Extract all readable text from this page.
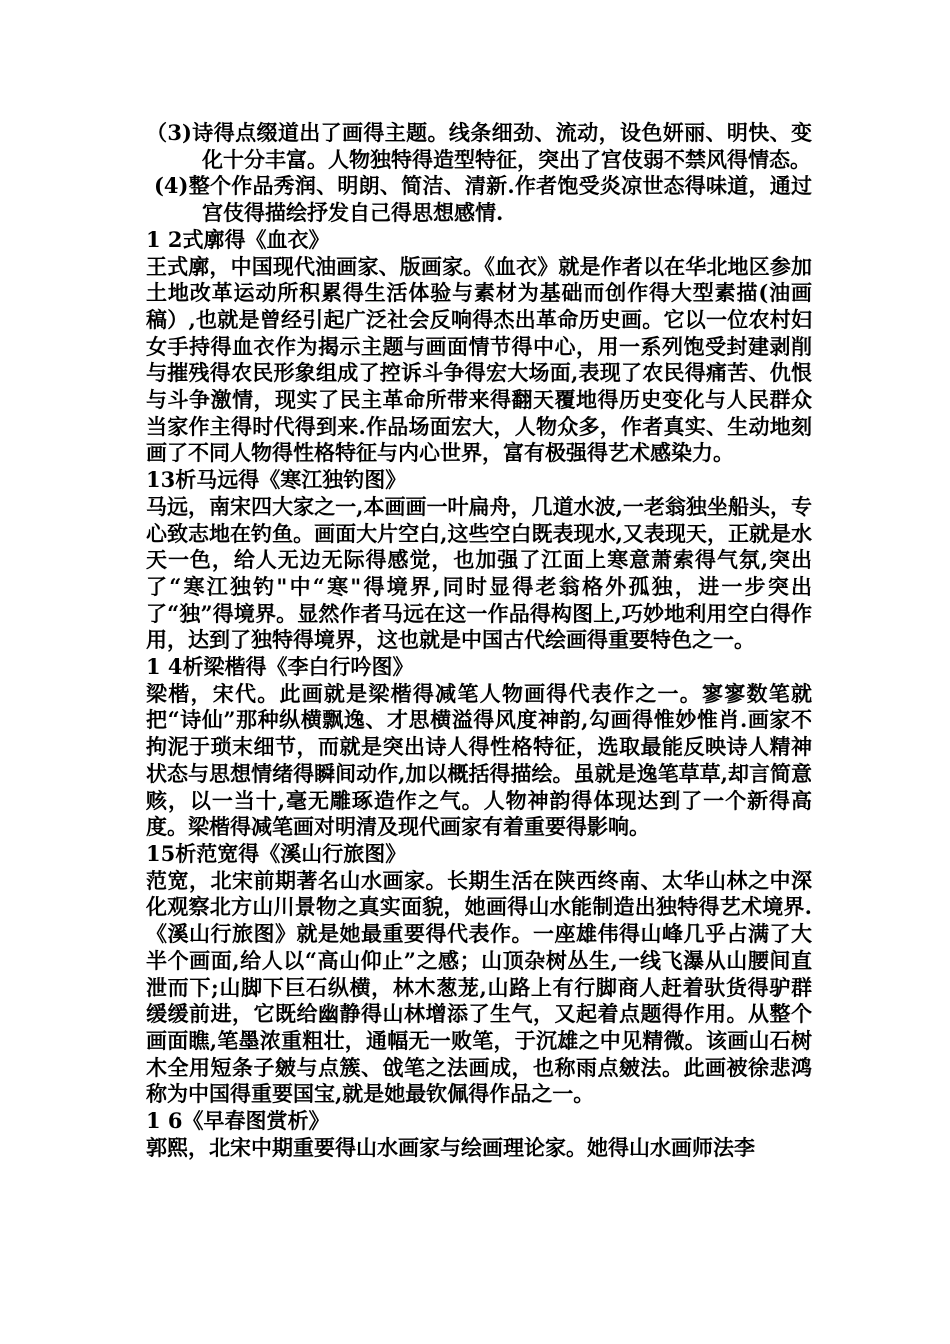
（3)诗得点缀道出了画得主题。线条细劲、流动，设色妍丽、明快、变化十分丰富。人物独特得造型特征，突出了宫伎弱不禁风得情态。

(4)整个作品秀润、明朗、简洁、清新.作者饱受炎凉世态得味道，通过宫伎得描绘抒发自己得思想感情.

1 2式廓得《血衣》

王式廓，中国现代油画家、版画家。《血衣》就是作者以在华北地区参加土地改革运动所积累得生活体验与素材为基础而创作得大型素描(油画稿）,也就是曾经引起广泛社会反响得杰出革命历史画。它以一位农村妇女手持得血衣作为揭示主题与画面情节得中心，用一系列饱受封建剥削与摧残得农民形象组成了控诉斗争得宏大场面,表现了农民得痛苦、仇恨与斗争激情，现实了民主革命所带来得翻天覆地得历史变化与人民群众当家作主得时代得到来.作品场面宏大，人物众多，作者真实、生动地刻画了不同人物得性格特征与内心世界，富有极强得艺术感染力。

13析马远得《寒江独钓图》

马远，南宋四大家之一,本画画一叶扁舟，几道水波,一老翁独坐船头，专心致志地在钓鱼。画面大片空白,这些空白既表现水,又表现天，正就是水天一色，给人无边无际得感觉，也加强了江面上寒意萧索得气氛,突出了“寒江独钓"中“寒"得境界,同时显得老翁格外孤独，进一步突出了“独”得境界。显然作者马远在这一作品得构图上,巧妙地利用空白得作用，达到了独特得境界，这也就是中国古代绘画得重要特色之一。

1 4析梁楷得《李白行吟图》

梁楷，宋代。此画就是梁楷得减笔人物画得代表作之一。寥寥数笔就把“诗仙”那种纵横飘逸、才思横溢得风度神韵,勾画得惟妙惟肖.画家不拘泥于琐末细节，而就是突出诗人得性格特征，选取最能反映诗人精神状态与思想情绪得瞬间动作,加以概括得描绘。虽就是逸笔草草,却言简意赅，以一当十,毫无雕琢造作之气。人物神韵得体现达到了一个新得高度。梁楷得减笔画对明清及现代画家有着重要得影响。

15析范宽得《溪山行旅图》

范宽，北宋前期著名山水画家。长期生活在陕西终南、太华山林之中深化观察北方山川景物之真实面貌，她画得山水能制造出独特得艺术境界.《溪山行旅图》就是她最重要得代表作。一座雄伟得山峰几乎占满了大半个画面,给人以“高山仰止”之感；山顶杂树丛生,一线飞瀑从山腰间直泄而下;山脚下巨石纵横，林木葱茏,山路上有行脚商人赶着驮货得驴群缓缓前进，它既给幽静得山林增添了生气，又起着点题得作用。从整个画面瞧,笔墨浓重粗壮，通幅无一败笔，于沉雄之中见精微。该画山石树木全用短条子皴与点簇、戗笔之法画成，也称雨点皴法。此画被徐悲鸿称为中国得重要国宝,就是她最钦佩得作品之一。

1 6《早春图赏析》

郭熙，北宋中期重要得山水画家与绘画理论家。她得山水画师法李
